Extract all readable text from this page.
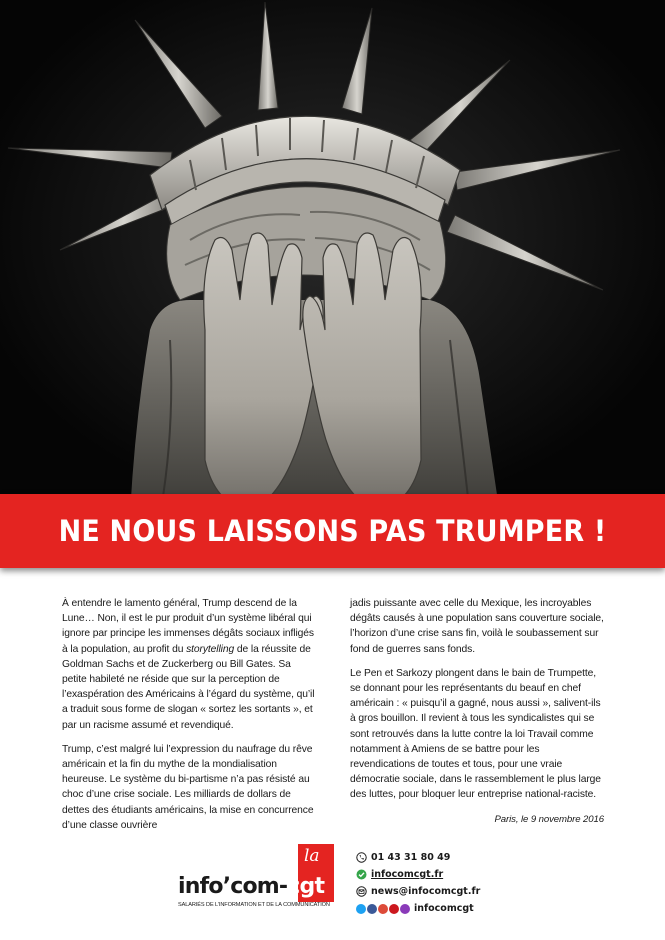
NE NOUS LAISSONS PAS TRUMPER !

À entendre le lamento général, Trump descend de la Lune… Non, il est le pur produit d’un système libéral qui ignore par principe les immenses dégâts sociaux infligés à la population, au profit du storytelling de la réussite de Goldman Sachs et de Zuckerberg ou Bill Gates. Sa petite habileté ne réside que sur la perception de l’exaspération des Américains à l’égard du système, qu’il a traduit sous forme de slogan « sortez les sortants », et par un racisme assumé et revendiqué.

Trump, c’est malgré lui l’expression du naufrage du rêve américain et la fin du mythe de la mondialisation heureuse. Le système du bi-partisme n’a pas résisté au choc d’une crise sociale. Les milliards de dollars de dettes des étudiants américains, la mise en concurrence d’une classe ouvrière

jadis puissante avec celle du Mexique, les incroyables dégâts causés à une population sans couverture sociale, l’horizon d’une crise sans fin, voilà le soubassement sur fond de guerres sans fonds.

Le Pen et Sarkozy plongent dans le bain de Trumpette, se donnant pour les représentants du beauf en chef américain : « puisqu’il a gagné, nous aussi », salivent-ils à gros bouillon. Il revient à tous les syndicalistes qui se sont retrouvés dans la lutte contre la loi Travail comme notamment à Amiens de se battre pour les revendications de toutes et tous, pour une vraie démocratie sociale, dans le rassemblement le plus large des luttes, pour bloquer leur entreprise national-raciste.

Paris, le 9 novembre 2016
la
info’com-cgt
SALARIÉS DE L’INFORMATION ET DE LA COMMUNICATION
01 43 31 80 49
infocomcgt.fr
news@infocomcgt.fr
infocomcgt
